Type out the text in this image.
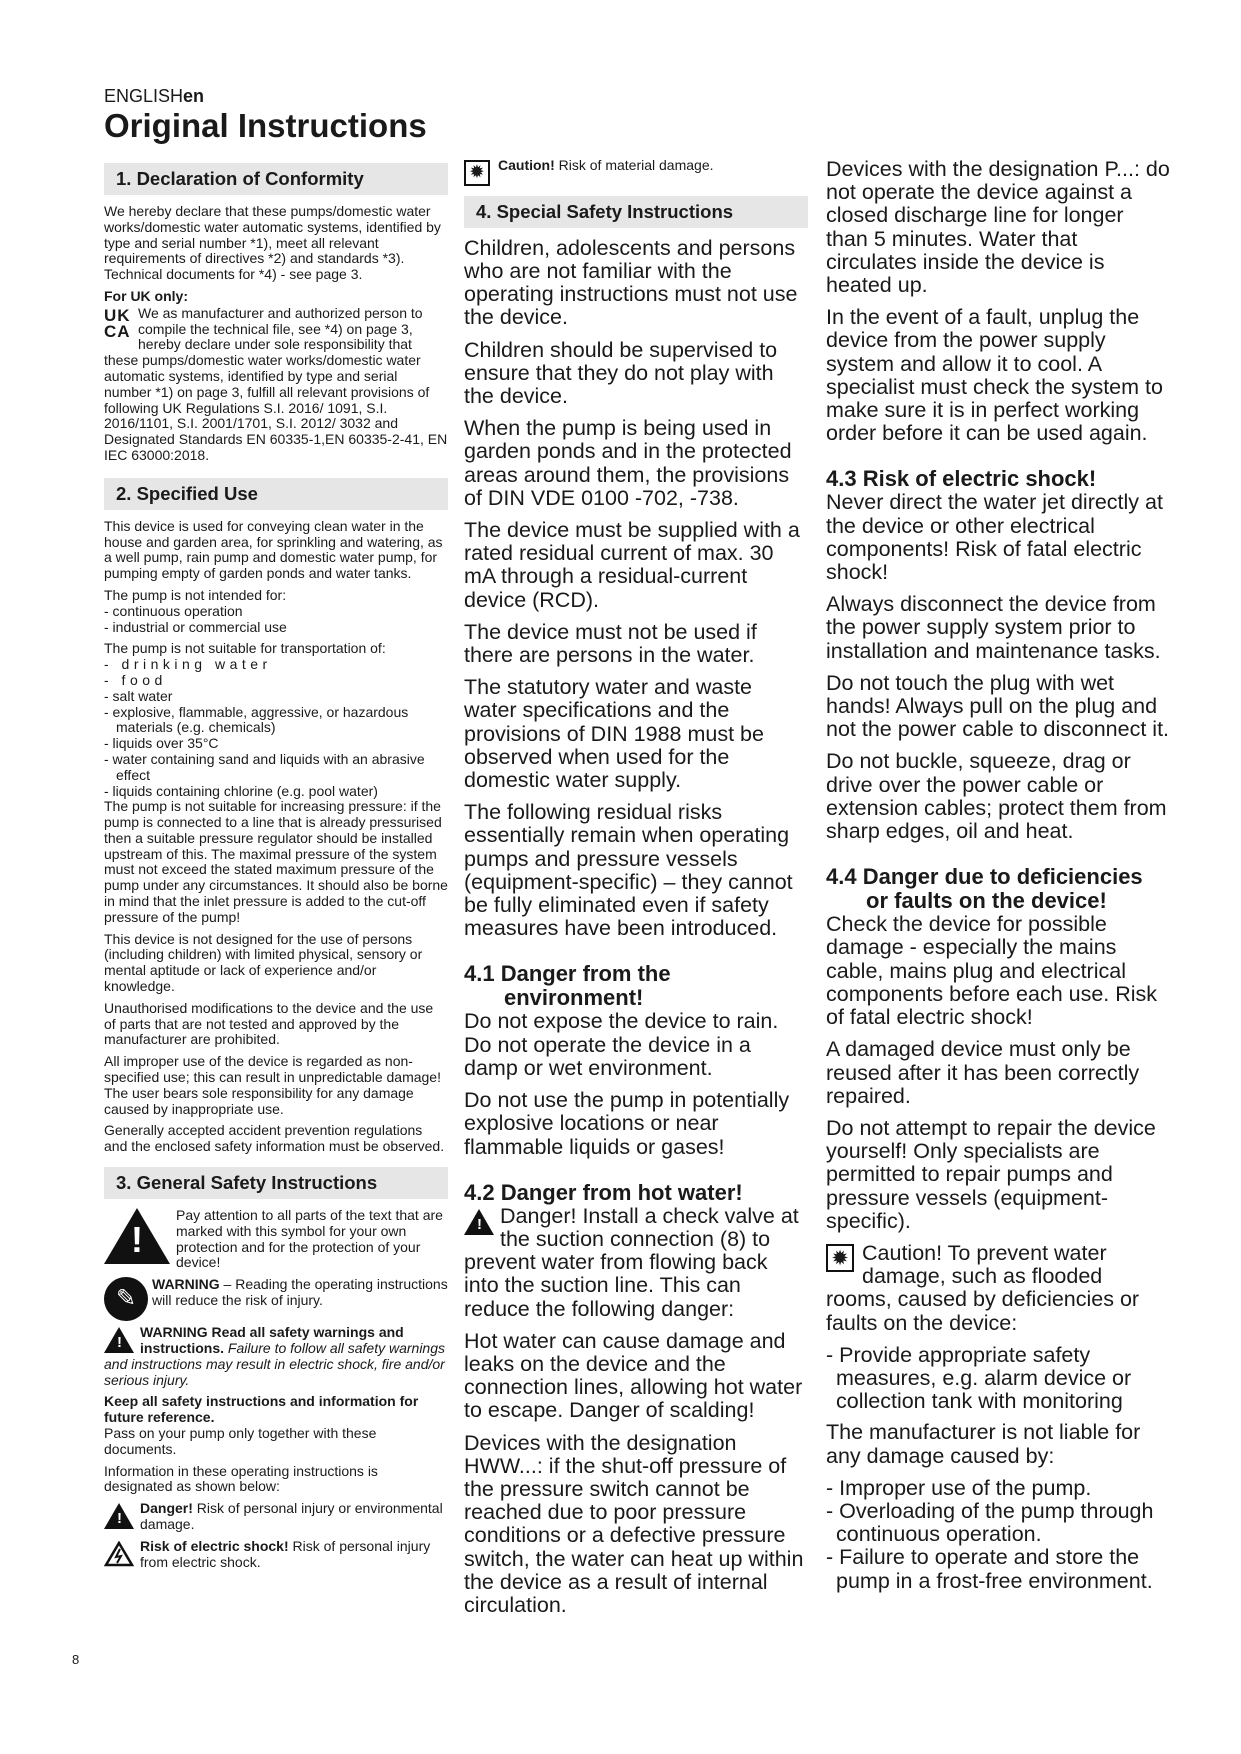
ENGLISHen
Original Instructions
1. Declaration of Conformity

We hereby declare that these pumps/domestic water works/domestic water automatic systems, identified by type and serial number *1), meet all relevant requirements of directives *2) and standards *3). Technical documents for *4) - see page 3.

For UK only:

UK CA
We as manufacturer and authorized person to compile the technical file, see *4) on page 3, hereby declare under sole responsibility that these pumps/domestic water works/domestic water automatic systems, identified by type and serial number *1) on page 3, fulfill all relevant provisions of following UK Regulations S.I. 2016/ 1091, S.I. 2016/1101, S.I. 2001/1701, S.I. 2012/ 3032 and Designated Standards EN 60335-1,EN 60335-2-41, EN IEC 63000:2018.

2. Specified Use

This device is used for conveying clean water in the house and garden area, for sprinkling and watering, as a well pump, rain pump and domestic water pump, for pumping empty of garden ponds and water tanks.

The pump is not intended for:

- continuous operation
- industrial or commercial use

The pump is not suitable for transportation of:

- drinking water
- food
- salt water
- explosive, flammable, aggressive, or hazardous materials (e.g. chemicals)
- liquids over 35°C
- water containing sand and liquids with an abrasive effect
- liquids containing chlorine (e.g. pool water)

The pump is not suitable for increasing pressure: if the pump is connected to a line that is already pressurised then a suitable pressure regulator should be installed upstream of this. The maximal pressure of the system must not exceed the stated maximum pressure of the pump under any circumstances. It should also be borne in mind that the inlet pressure is added to the cut-off pressure of the pump!

This device is not designed for the use of persons (including children) with limited physical, sensory or mental aptitude or lack of experience and/or knowledge.

Unauthorised modifications to the device and the use of parts that are not tested and approved by the manufacturer are prohibited.

All improper use of the device is regarded as non-specified use; this can result in unpredictable damage! The user bears sole responsibility for any damage caused by inappropriate use.

Generally accepted accident prevention regulations and the enclosed safety information must be observed.

3. General Safety Instructions

!
Pay attention to all parts of the text that are marked with this symbol for your own protection and for the protection of your device!

✎
WARNING – Reading the operating instructions will reduce the risk of injury.

!
WARNING Read all safety warnings and instructions. Failure to follow all safety warnings and instructions may result in electric shock, fire and/or serious injury.

Keep all safety instructions and information for future reference.

Pass on your pump only together with these documents.

Information in these operating instructions is designated as shown below:

!
Danger! Risk of personal injury or environmental damage.

Risk of electric shock! Risk of personal injury from electric shock.

✹	Caution! Risk of material damage.

4. Special Safety Instructions

Children, adolescents and persons who are not familiar with the operating instructions must not use the device.

Children should be supervised to ensure that they do not play with the device.

When the pump is being used in garden ponds and in the protected areas around them, the provisions of DIN VDE 0100 -702, -738.

The device must be supplied with a rated residual current of max. 30 mA through a residual-current device (RCD).

The device must not be used if there are persons in the water.

The statutory water and waste water specifications and the provisions of DIN 1988 must be observed when used for the domestic water supply.

The following residual risks essentially remain when operating pumps and pressure vessels (equipment-specific) – they cannot be fully eliminated even if safety measures have been introduced.

4.1 Danger from the
environment!

Do not expose the device to rain. Do not operate the device in a damp or wet environment.

Do not use the pump in potentially explosive locations or near flammable liquids or gases!

4.2 Danger from hot water!

! Danger! Install a check valve at the suction connection (8) to prevent water from flowing back into the suction line. This can reduce the following danger:

Hot water can cause damage and leaks on the device and the connection lines, allowing hot water to escape. Danger of scalding!

Devices with the designation HWW...: if the shut-off pressure of the pressure switch cannot be reached due to poor pressure conditions or a defective pressure switch, the water can heat up within the device as a result of internal circulation.

Devices with the designation P...: do not operate the device against a closed discharge line for longer than 5 minutes. Water that circulates inside the device is heated up.

In the event of a fault, unplug the device from the power supply system and allow it to cool. A specialist must check the system to make sure it is in perfect working order before it can be used again.

4.3 Risk of electric shock!

Never direct the water jet directly at the device or other electrical components! Risk of fatal electric shock!

Always disconnect the device from the power supply system prior to installation and maintenance tasks.

Do not touch the plug with wet hands! Always pull on the plug and not the power cable to disconnect it.

Do not buckle, squeeze, drag or drive over the power cable or extension cables; protect them from sharp edges, oil and heat.

4.4 Danger due to deficiencies
or faults on the device!

Check the device for possible damage - especially the mains cable, mains plug and electrical components before each use. Risk of fatal electric shock!

A damaged device must only be reused after it has been correctly repaired.

Do not attempt to repair the device yourself! Only specialists are permitted to repair pumps and pressure vessels (equipment-specific).

✹ Caution! To prevent water damage, such as flooded rooms, caused by deficiencies or faults on the device:

- Provide appropriate safety measures, e.g. alarm device or collection tank with monitoring

The manufacturer is not liable for any damage caused by:

- Improper use of the pump.
- Overloading of the pump through continuous operation.
- Failure to operate and store the pump in a frost-free environment.
8
